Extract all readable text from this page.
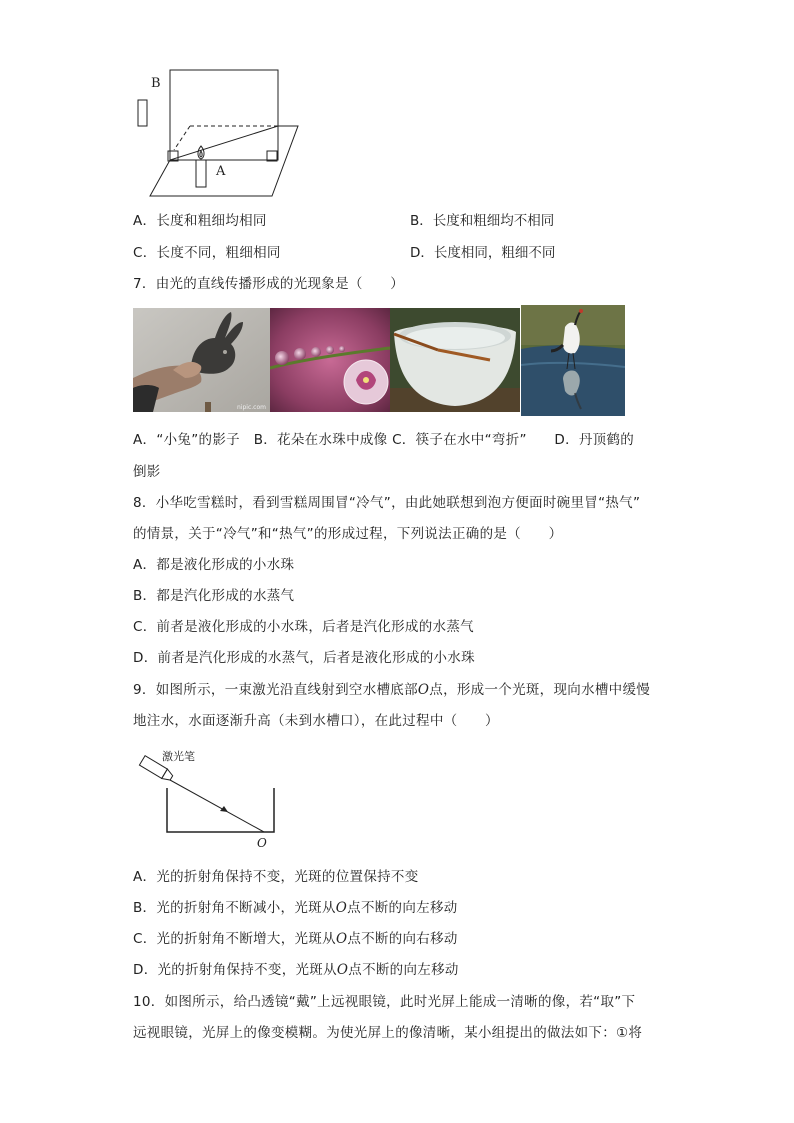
B
A
A．长度和粗细均相同	B．长度和粗细均不相同
C．长度不同，粗细相同	D．长度相同，粗细不同
7．由光的直线传播形成的光现象是（　　）
nipic.com
A．“小兔”的影子　B．花朵在水珠中成像 C．筷子在水中“弯折”　　D．丹顶鹤的
倒影
8．小华吃雪糕时，看到雪糕周围冒“冷气”，由此她联想到泡方便面时碗里冒“热气”
的情景，关于“冷气”和“热气”的形成过程，下列说法正确的是（　　）
A．都是液化形成的小水珠
B．都是汽化形成的水蒸气
C．前者是液化形成的小水珠，后者是汽化形成的水蒸气
D．前者是汽化形成的水蒸气，后者是液化形成的小水珠
9．如图所示，一束激光沿直线射到空水槽底部O点，形成一个光斑，现向水槽中缓慢
地注水，水面逐渐升高（未到水槽口），在此过程中（　　）
激光笔
O
A．光的折射角保持不变，光斑的位置保持不变
B．光的折射角不断减小，光斑从O点不断的向左移动
C．光的折射角不断增大，光斑从O点不断的向右移动
D．光的折射角保持不变，光斑从O点不断的向左移动
10．如图所示，给凸透镜“戴”上远视眼镜，此时光屏上能成一清晰的像，若“取”下
远视眼镜，光屏上的像变模糊。为使光屏上的像清晰，某小组提出的做法如下：①将
